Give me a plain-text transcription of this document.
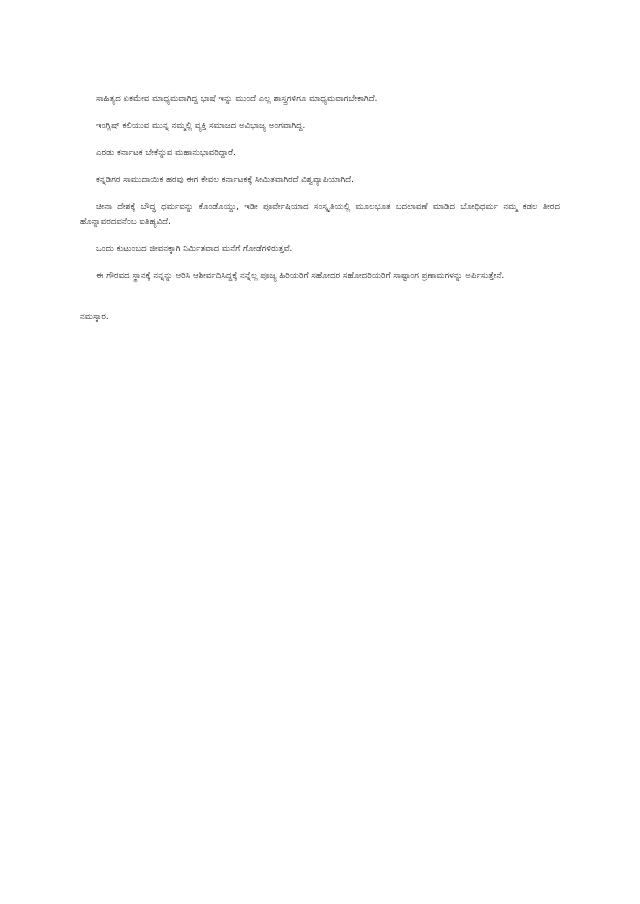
ಸಾಹಿತ್ಯದ ಏಕಮೇವ ಮಾಧ್ಯಮವಾಗಿದ್ದ ಭಾಷೆ ಇನ್ನು ಮುಂದೆ ಎಲ್ಲ ಶಾಸ್ತ್ರಗಳಿಗೂ ಮಾಧ್ಯಮವಾಗಬೇಕಾಗಿದೆ.

ಇಂಗ್ಲಿಷ್ ಕಲಿಯುವ ಮುನ್ನ ನಮ್ಮಲ್ಲಿ ವ್ಯಕ್ತಿ ಸಮಾಜದ ಅವಿಭಾಜ್ಯ ಅಂಗವಾಗಿದ್ದ.

ಎರಡು ಕರ್ನಾಟಕ ಬೇಕೆನ್ನುವ ಮಹಾನುಭಾವರಿದ್ದಾರೆ.

ಕನ್ನಡಿಗರ ಸಾಮುದಾಯಿಕ ಹರವು ಈಗ ಕೇವಲ ಕರ್ನಾಟಕಕ್ಕೆ ಸೀಮಿತವಾಗಿರದೆ ವಿಶ್ವವ್ಯಾಪಿಯಾಗಿದೆ.

ಚೀನಾ ದೇಶಕ್ಕೆ ಬೌದ್ಧ ಧರ್ಮವನ್ನು ಕೊಂಡೊಯ್ದು, ಇಡೀ ಪೂರ್ವೇಷಿಯಾದ ಸಂಸ್ಕೃತಿಯಲ್ಲಿ ಮೂಲಭೂತ ಬದಲಾವಣೆ ಮಾಡಿದ ಬೋಧಿಧರ್ಮ ನಮ್ಮ ಕಡಲ ತೀರದ ಹೊನ್ನಾವರದವನೆಂಬ ಐತಿಹ್ಯವಿದೆ.

ಒಂದು ಕುಟುಂಬದ ಜೀವನಕ್ಕಾಗಿ ನಿರ್ಮಿತವಾದ ಮನೆಗೆ ಗೋಡೆಗಳಿರುತ್ತವೆ.

ಈ ಗೌರವದ ಸ್ಥಾನಕ್ಕೆ ನನ್ನನ್ನು ಆರಿಸಿ ಆಶೀರ್ವದಿಸಿದ್ದಕ್ಕೆ ನನ್ನೆಲ್ಲ ಪೂಜ್ಯ ಹಿರಿಯರಿಗೆ ಸಹೋದರ ಸಹೋದರಿಯರಿಗೆ ಸಾಷ್ಟಾಂಗ ಪ್ರಣಾಮಗಳನ್ನು ಅರ್ಪಿಸುತ್ತೇನೆ.

ನಮಸ್ಕಾರ.
